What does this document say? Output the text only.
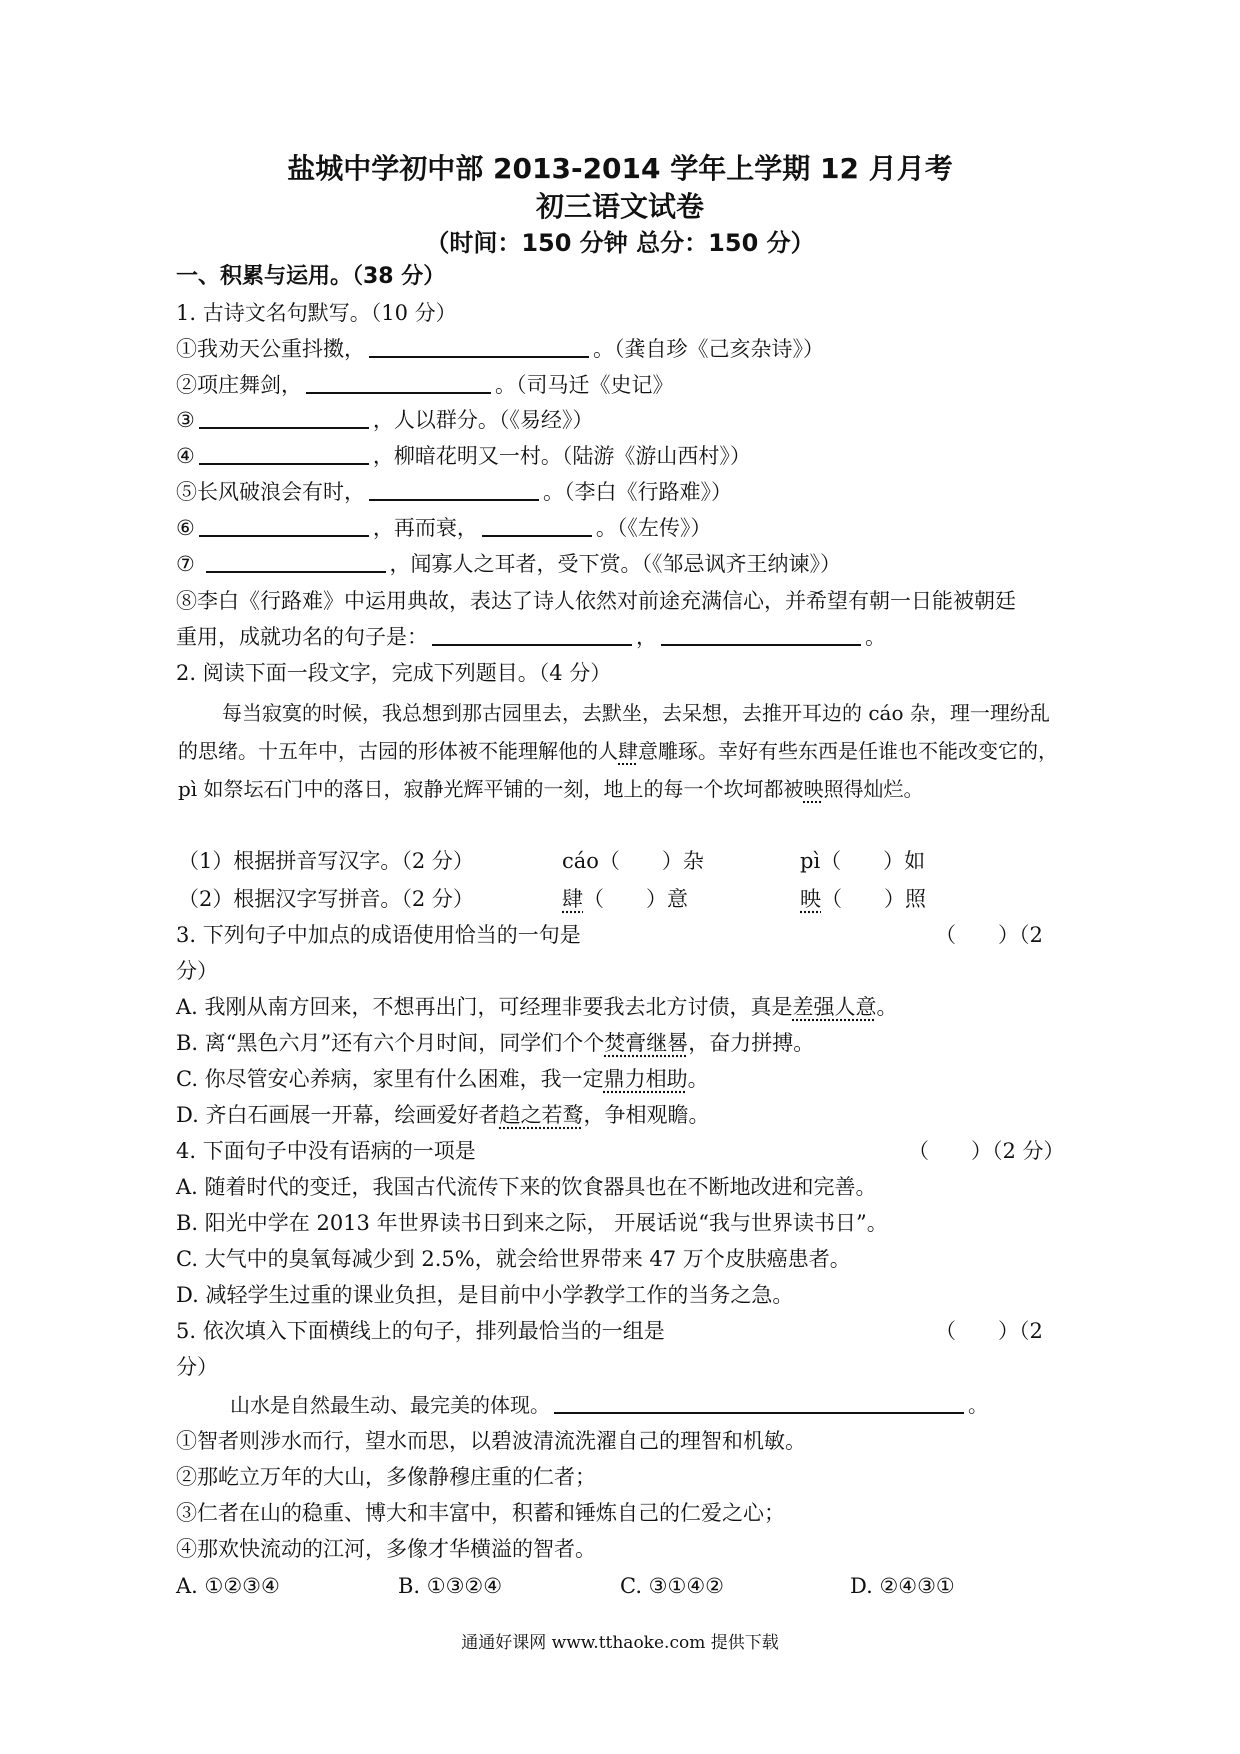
盐城中学初中部 2013-2014 学年上学期 12 月月考
初三语文试卷
（时间：150 分钟 总分：150 分）
一、积累与运用。（38 分）
1. 古诗文名句默写。（10 分）
①我劝天公重抖擞，	。（龚自珍《己亥杂诗》）
②项庄舞剑，	。（司马迁《史记》
③	，人以群分。（《易经》）
④	，柳暗花明又一村。（陆游《游山西村》）
⑤长风破浪会有时，	。（李白《行路难》）
⑥	，再而衰，	。（《左传》）
⑦	，闻寡人之耳者，受下赏。（《邹忌讽齐王纳谏》）
⑧李白《行路难》中运用典故，表达了诗人依然对前途充满信心，并希望有朝一日能被朝廷
重用，成就功名的句子是：	，	。
2. 阅读下面一段文字，完成下列题目。（4 分）
每当寂寞的时候，我总想到那古园里去，去默坐，去呆想，去推开耳边的 cáo 杂，理一理纷乱的思绪。十五年中，古园的形体被不能理解他的人肆意雕琢。幸好有些东西是任谁也不能改变它的，pì 如祭坛石门中的落日，寂静光辉平铺的一刻，地上的每一个坎坷都被映照得灿烂。
（1）根据拼音写汉字。（2 分）	cáo（　　）杂	pì（　　）如
（2）根据汉字写拼音。（2 分）	肆（　　）意	映（　　）照
3. 下列句子中加点的成语使用恰当的一句是	（　　）（2
分）
A. 我刚从南方回来，不想再出门，可经理非要我去北方讨债，真是差强人意。
B. 离“黑色六月”还有六个月时间，同学们个个焚膏继晷，奋力拼搏。
C. 你尽管安心养病，家里有什么困难，我一定鼎力相助。
D. 齐白石画展一开幕，绘画爱好者趋之若鹜，争相观瞻。
4. 下面句子中没有语病的一项是	（　　）（2 分）
A. 随着时代的变迁，我国古代流传下来的饮食器具也在不断地改进和完善。
B. 阳光中学在 2013 年世界读书日到来之际， 开展话说“我与世界读书日”。
C. 大气中的臭氧每减少到 2.5%，就会给世界带来 47 万个皮肤癌患者。
D. 减轻学生过重的课业负担，是目前中小学教学工作的当务之急。
5. 依次填入下面横线上的句子，排列最恰当的一组是	（　　）（2
分）
山水是自然最生动、最完美的体现。	。
①智者则涉水而行，望水而思，以碧波清流洗濯自己的理智和机敏。
②那屹立万年的大山，多像静穆庄重的仁者；
③仁者在山的稳重、博大和丰富中，积蓄和锤炼自己的仁爱之心；
④那欢快流动的江河，多像才华横溢的智者。
A. ①②③④	B. ①③②④	C. ③①④②	D. ②④③①
通通好课网 www.tthaoke.com 提供下载
